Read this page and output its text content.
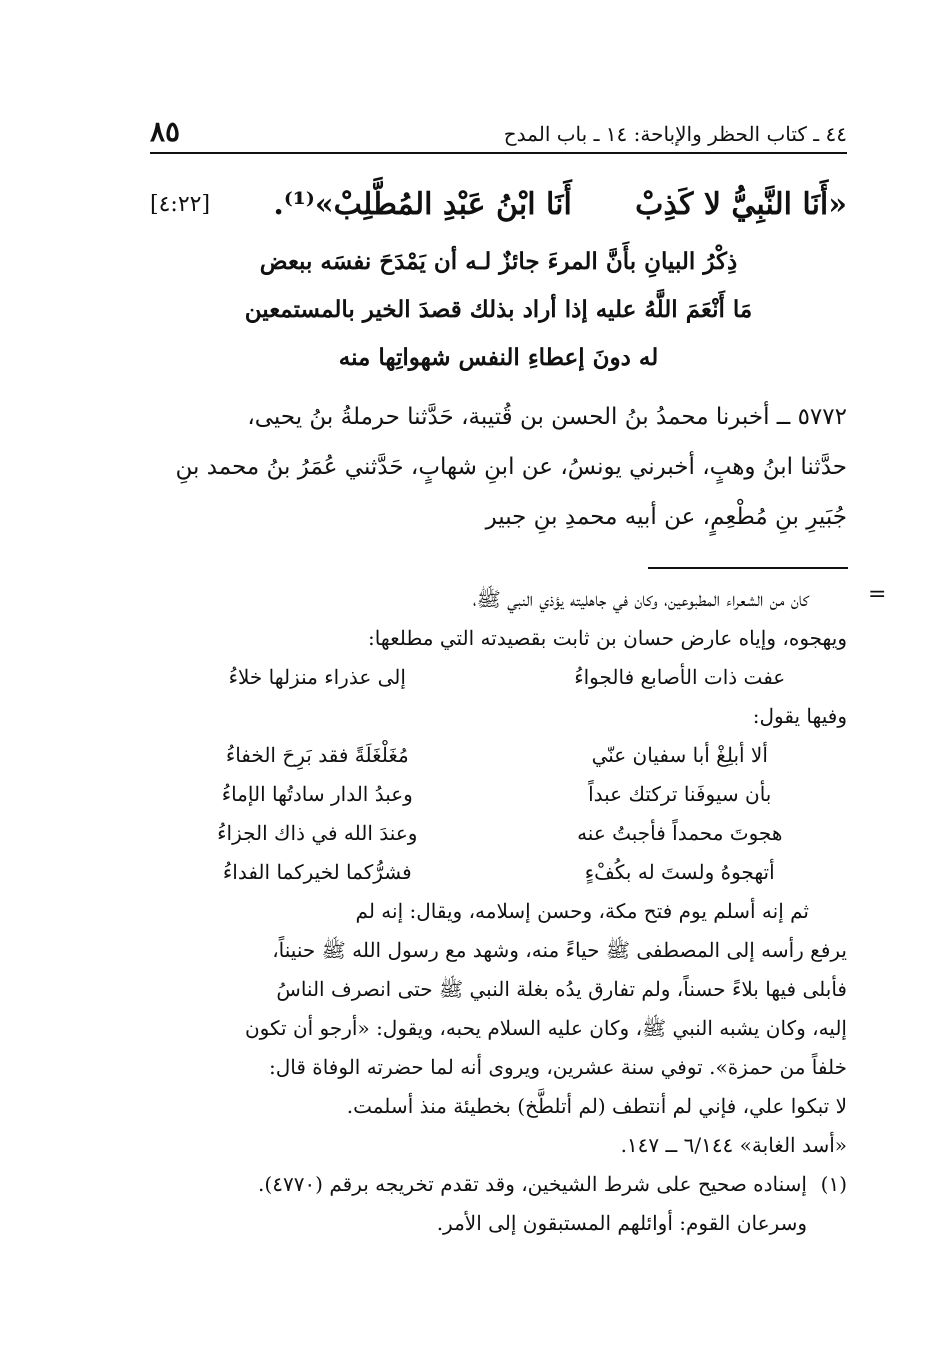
٤٤ ـ كتاب الحظر والإباحة: ١٤ ـ باب المدح
٨٥
«أَنَا النَّبِيُّ لا كَذِبْ
أَنَا ابْنُ عَبْدِ المُطَّلِبْ»⁽¹⁾.
[٤:٢٢]
ذِكْرُ البيانِ بأَنَّ المرءَ جائزٌ لـه أن يَمْدَحَ نفسَه ببعض
مَا أَنْعَمَ اللَّهُ عليه إذا أراد بذلك قصدَ الخير بالمستمعين
له دونَ إعطاءِ النفس شهواتِها منه
٥٧٧٢ ــ أخبرنا محمدُ بنُ الحسن بن قُتيبة، حَدَّثنا حرملةُ بنُ يحيى،
حدَّثنا ابنُ وهبٍ، أخبرني يونسُ، عن ابنِ شهابٍ، حَدَّثني عُمَرُ بنُ محمد بنِ
جُبَيرِ بنِ مُطْعِمٍ، عن أبيه محمدِ بنِ جبير
=
كان من الشعراء المطبوعين، وكان في جاهليته يؤذي النبي ﷺ،
ويهجوه، وإياه عارض حسان بن ثابت بقصيدته التي مطلعها:
عفت ذات الأصابع فالجواءُ
إلى عذراء منزلها خلاءُ
وفيها يقول:
ألا أبلِغْ أبا سفيان عنّي
مُغَلْغَلَةً فقد بَرِحَ الخفاءُ
بأن سيوفَنا تركتك عبداً
وعبدُ الدار سادتُها الإماءُ
هجوتَ محمداً فأجبتُ عنه
وعندَ الله في ذاك الجزاءُ
أتهجوهُ ولستَ له بكُفْءٍ
فشرُّكما لخيركما الفداءُ
ثم إنه أسلم يوم فتح مكة، وحسن إسلامه، ويقال: إنه لم
يرفع رأسه إلى المصطفى ﷺ حياءً منه، وشهد مع رسول الله ﷺ حنيناً،
فأبلى فيها بلاءً حسناً، ولم تفارق يدُه بغلة النبي ﷺ حتى انصرف الناسُ
إليه، وكان يشبه النبي ﷺ، وكان عليه السلام يحبه، ويقول: «أرجو أن تكون
خلفاً من حمزة». توفي سنة عشرين، ويروى أنه لما حضرته الوفاة قال:
لا تبكوا علي، فإني لم أنتطف (لم أتلطَّخ) بخطيئة منذ أسلمت.
«أسد الغابة» ٦/١٤٤ ــ ١٤٧.
(١)
إسناده صحيح على شرط الشيخين، وقد تقدم تخريجه برقم (٤٧٧٠).
وسرعان القوم: أوائلهم المستبقون إلى الأمر.
